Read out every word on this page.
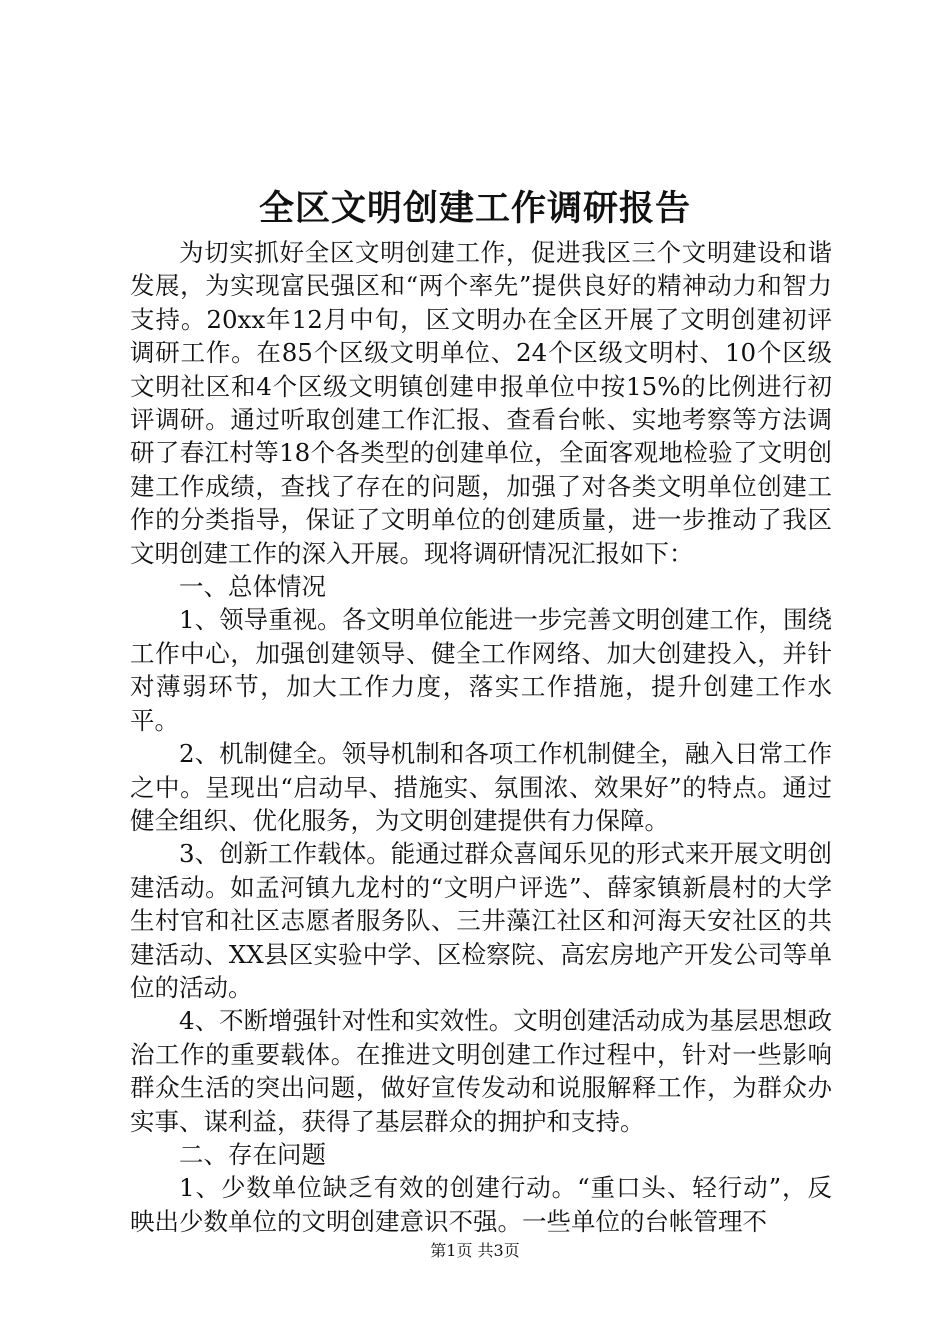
全区文明创建工作调研报告

为切实抓好全区文明创建工作，促进我区三个文明建设和谐发展，为实现富民强区和“两个率先”提供良好的精神动力和智力支持。20xx年12月中旬，区文明办在全区开展了文明创建初评调研工作。在85个区级文明单位、24个区级文明村、10个区级文明社区和4个区级文明镇创建申报单位中按15%的比例进行初评调研。通过听取创建工作汇报、查看台帐、实地考察等方法调研了春江村等18个各类型的创建单位，全面客观地检验了文明创建工作成绩，查找了存在的问题，加强了对各类文明单位创建工作的分类指导，保证了文明单位的创建质量，进一步推动了我区文明创建工作的深入开展。现将调研情况汇报如下：

一、总体情况

1、领导重视。各文明单位能进一步完善文明创建工作，围绕工作中心，加强创建领导、健全工作网络、加大创建投入，并针对薄弱环节，加大工作力度，落实工作措施，提升创建工作水平。

2、机制健全。领导机制和各项工作机制健全，融入日常工作之中。呈现出“启动早、措施实、氛围浓、效果好”的特点。通过健全组织、优化服务，为文明创建提供有力保障。

3、创新工作载体。能通过群众喜闻乐见的形式来开展文明创建活动。如孟河镇九龙村的“文明户评选”、薛家镇新晨村的大学生村官和社区志愿者服务队、三井藻江社区和河海天安社区的共建活动、XX县区实验中学、区检察院、高宏房地产开发公司等单位的活动。

4、不断增强针对性和实效性。文明创建活动成为基层思想政治工作的重要载体。在推进文明创建工作过程中，针对一些影响群众生活的突出问题，做好宣传发动和说服解释工作，为群众办实事、谋利益，获得了基层群众的拥护和支持。

二、存在问题

1、少数单位缺乏有效的创建行动。“重口头、轻行动”，反映出少数单位的文明创建意识不强。一些单位的台帐管理不

第1页 共3页
